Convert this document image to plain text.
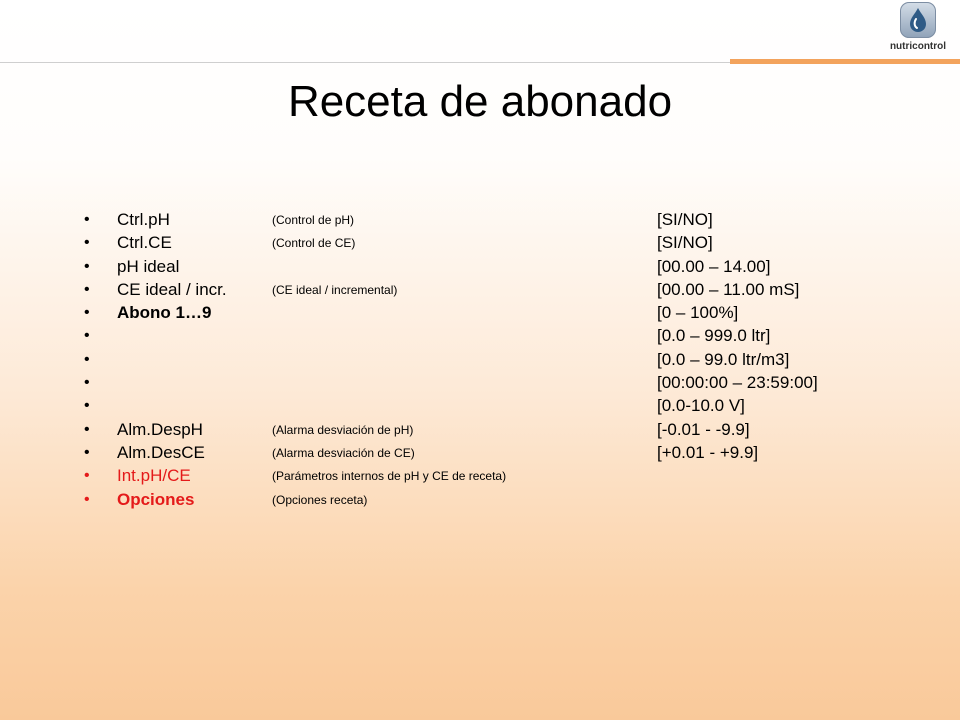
nutricontrol
Receta de abonado
• Ctrl.pH	(Control de pH)	[SI/NO]
• Ctrl.CE	(Control de CE)	[SI/NO]
• pH ideal	[00.00 – 14.00]
• CE ideal / incr.	(CE ideal / incremental)	[00.00 – 11.00 mS]
• Abono 1…9	[0 – 100%]
•	[0.0 – 999.0 ltr]
•	[0.0 – 99.0 ltr/m3]
•	[00:00:00 – 23:59:00]
•	[0.0-10.0 V]
• Alm.DespH	(Alarma desviación de pH)	[-0.01 - -9.9]
• Alm.DesCE	(Alarma desviación de CE)	[+0.01 - +9.9]
• Int.pH/CE	(Parámetros internos de pH y CE de receta)
• Opciones	(Opciones receta)
